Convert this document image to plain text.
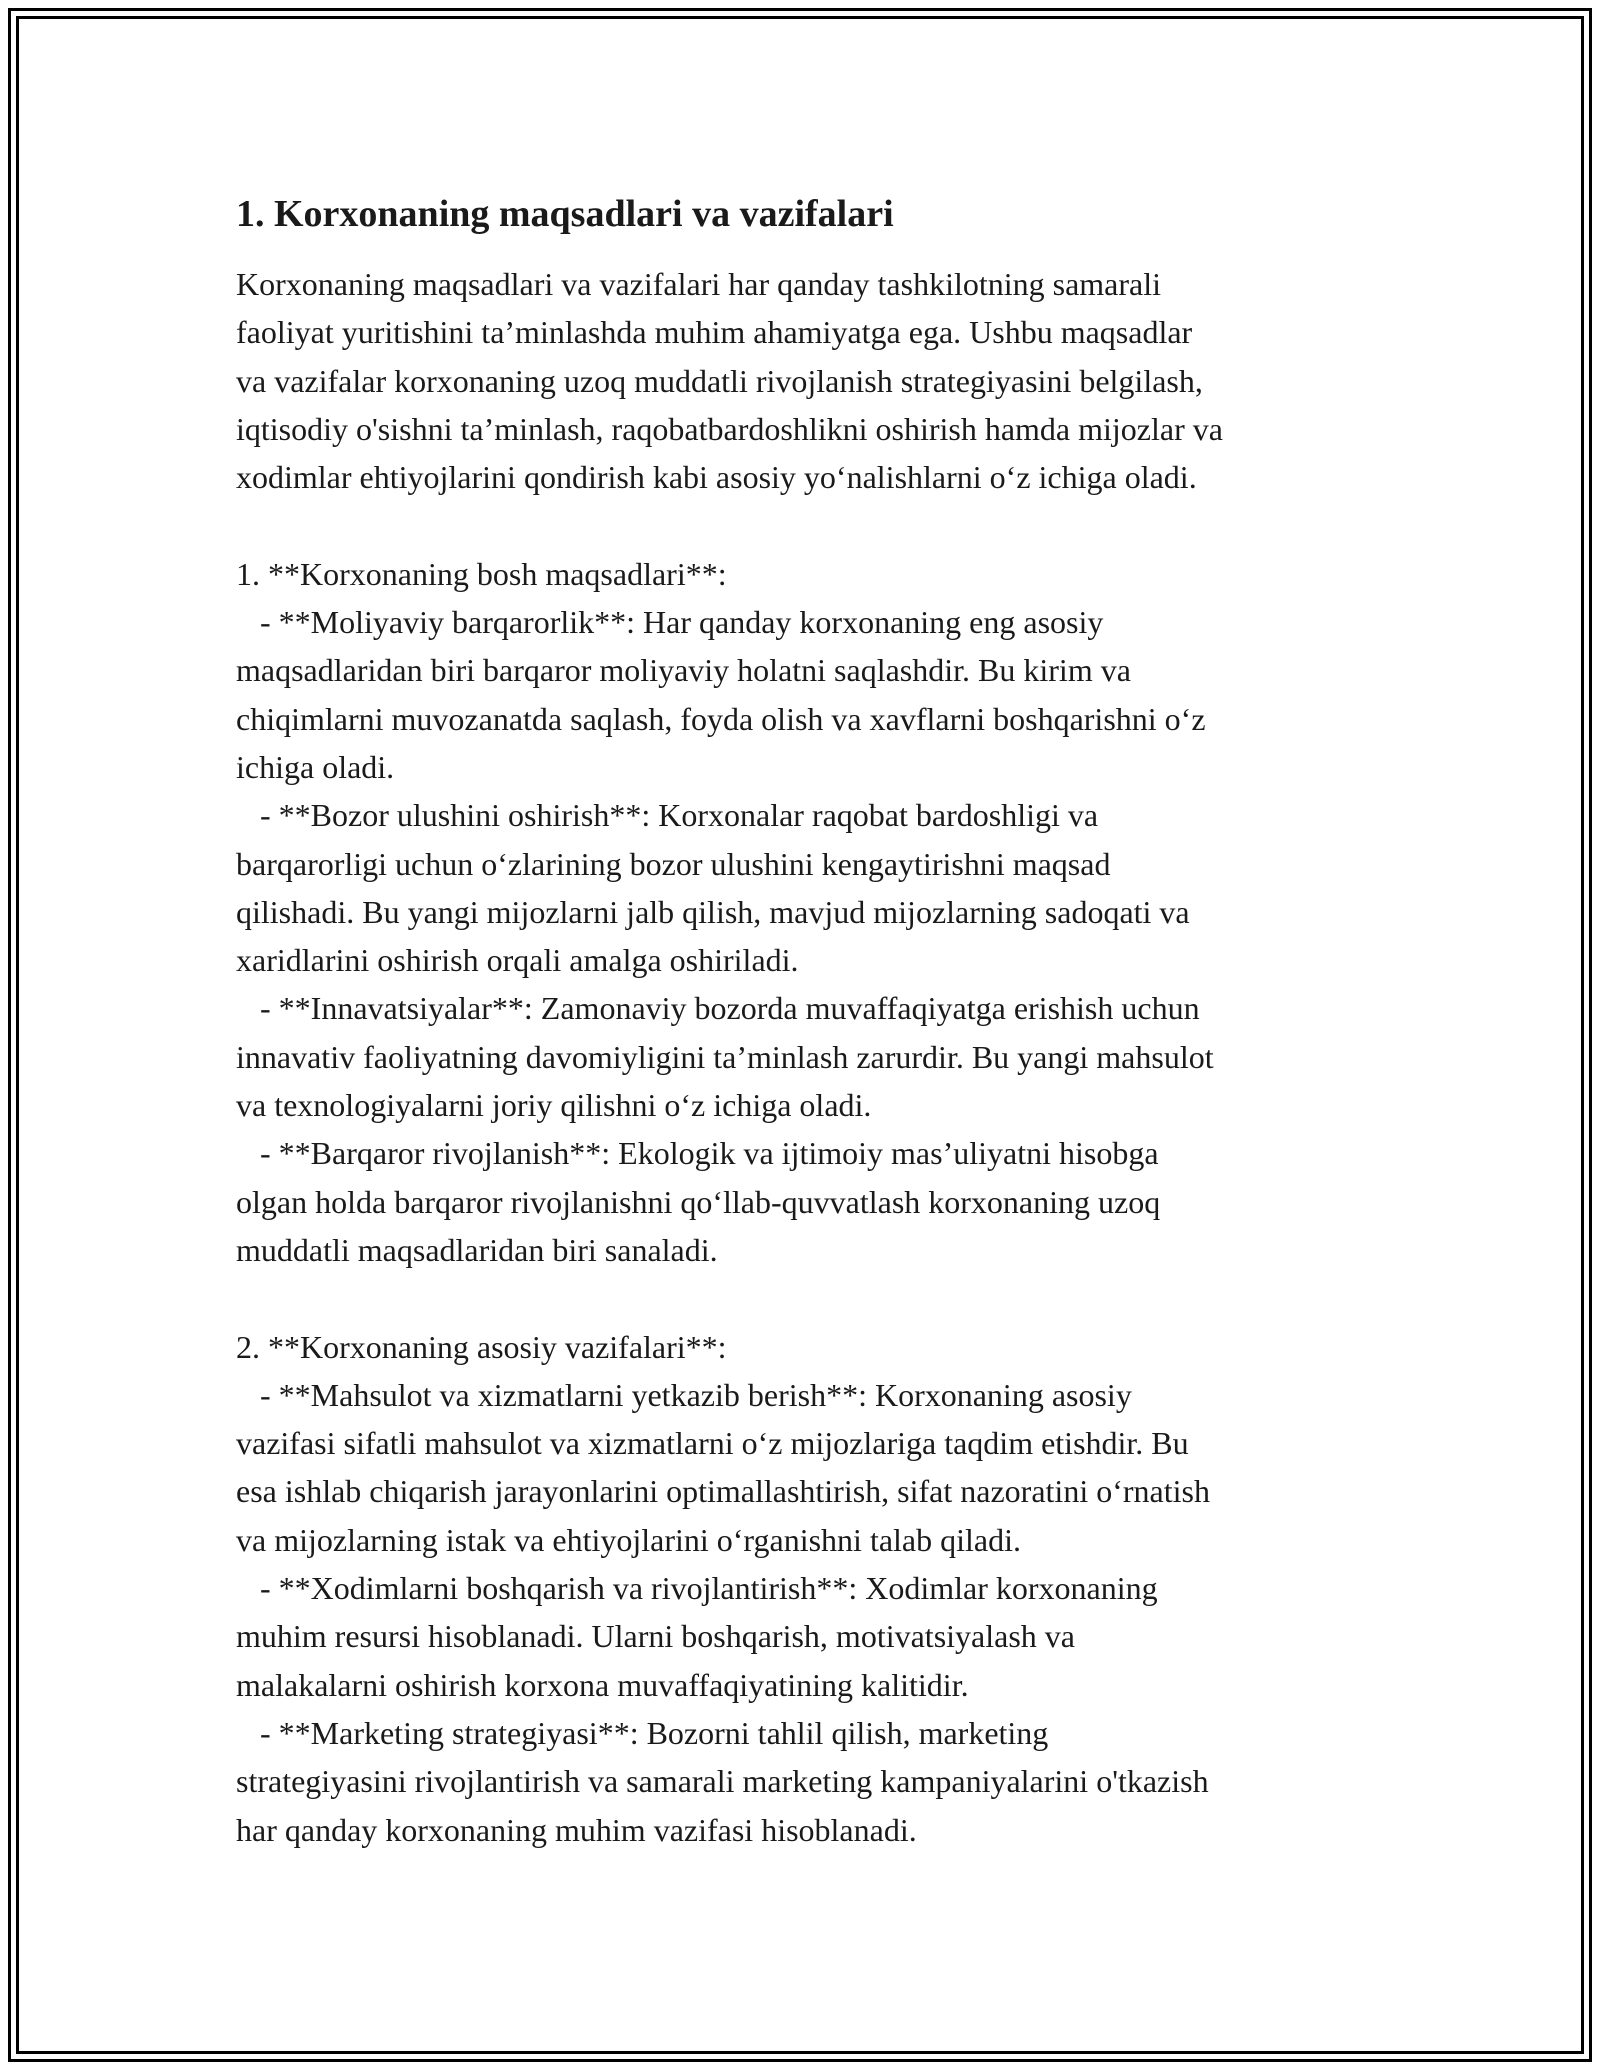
1. Korxonaning maqsadlari va vazifalari

Korxonaning maqsadlari va vazifalari har qanday tashkilotning samarali

faoliyat yuritishini ta’minlashda muhim ahamiyatga ega. Ushbu maqsadlar

va vazifalar korxonaning uzoq muddatli rivojlanish strategiyasini belgilash,

iqtisodiy o'sishni ta’minlash, raqobatbardoshlikni oshirish hamda mijozlar va

xodimlar ehtiyojlarini qondirish kabi asosiy yo‘nalishlarni o‘z ichiga oladi.

1. **Korxonaning bosh maqsadlari**:

- **Moliyaviy barqarorlik**: Har qanday korxonaning eng asosiy

maqsadlaridan biri barqaror moliyaviy holatni saqlashdir. Bu kirim va

chiqimlarni muvozanatda saqlash, foyda olish va xavflarni boshqarishni o‘z

ichiga oladi.

- **Bozor ulushini oshirish**: Korxonalar raqobat bardoshligi va

barqarorligi uchun o‘zlarining bozor ulushini kengaytirishni maqsad

qilishadi. Bu yangi mijozlarni jalb qilish, mavjud mijozlarning sadoqati va

xaridlarini oshirish orqali amalga oshiriladi.

- **Innavatsiyalar**: Zamonaviy bozorda muvaffaqiyatga erishish uchun

innavativ faoliyatning davomiyligini ta’minlash zarurdir. Bu yangi mahsulot

va texnologiyalarni joriy qilishni o‘z ichiga oladi.

- **Barqaror rivojlanish**: Ekologik va ijtimoiy mas’uliyatni hisobga

olgan holda barqaror rivojlanishni qo‘llab-quvvatlash korxonaning uzoq

muddatli maqsadlaridan biri sanaladi.

2. **Korxonaning asosiy vazifalari**:

- **Mahsulot va xizmatlarni yetkazib berish**: Korxonaning asosiy

vazifasi sifatli mahsulot va xizmatlarni o‘z mijozlariga taqdim etishdir. Bu

esa ishlab chiqarish jarayonlarini optimallashtirish, sifat nazoratini o‘rnatish

va mijozlarning istak va ehtiyojlarini o‘rganishni talab qiladi.

- **Xodimlarni boshqarish va rivojlantirish**: Xodimlar korxonaning

muhim resursi hisoblanadi. Ularni boshqarish, motivatsiyalash va

malakalarni oshirish korxona muvaffaqiyatining kalitidir.

- **Marketing strategiyasi**: Bozorni tahlil qilish, marketing

strategiyasini rivojlantirish va samarali marketing kampaniyalarini o'tkazish

har qanday korxonaning muhim vazifasi hisoblanadi.
